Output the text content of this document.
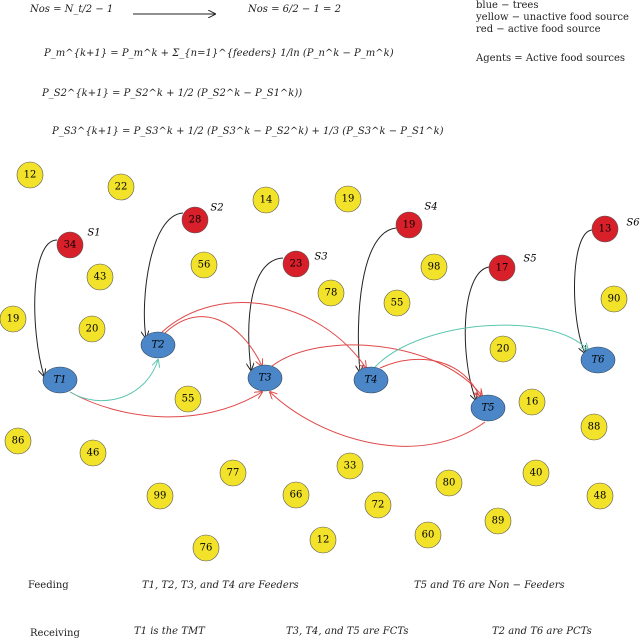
Nos = N_t/2 − 1
12
22
14	19
43
56	98
78
55	90
19
20
20
55	16
88
86
46
77
33
40
48
99	66
72
80
89
60
12
76
34
S1
28
S2
23
S3
19
S4
17
S5
13
S6
T1
T2
T3	T4
T5
T6
Nos = 6/2 − 1 = 2
P_m^{k+1} = P_m^k + Σ_{n=1}^{feeders} 1/ln (P_n^k − P_m^k)
P_S2^{k+1} = P_S2^k + 1/2 (P_S2^k − P_S1^k))
P_S3^{k+1} = P_S3^k + 1/2 (P_S3^k − P_S2^k) + 1/3 (P_S3^k − P_S1^k)
blue − trees
yellow − unactive food source
red − active food source
Agents = Active food sources
Feeding	T1, T2, T3, and T4 are Feeders	T5 and T6 are Non − Feeders
Receiving	T1 is the TMT	T3, T4, and T5 are FCTs	T2 and T6 are PCTs
